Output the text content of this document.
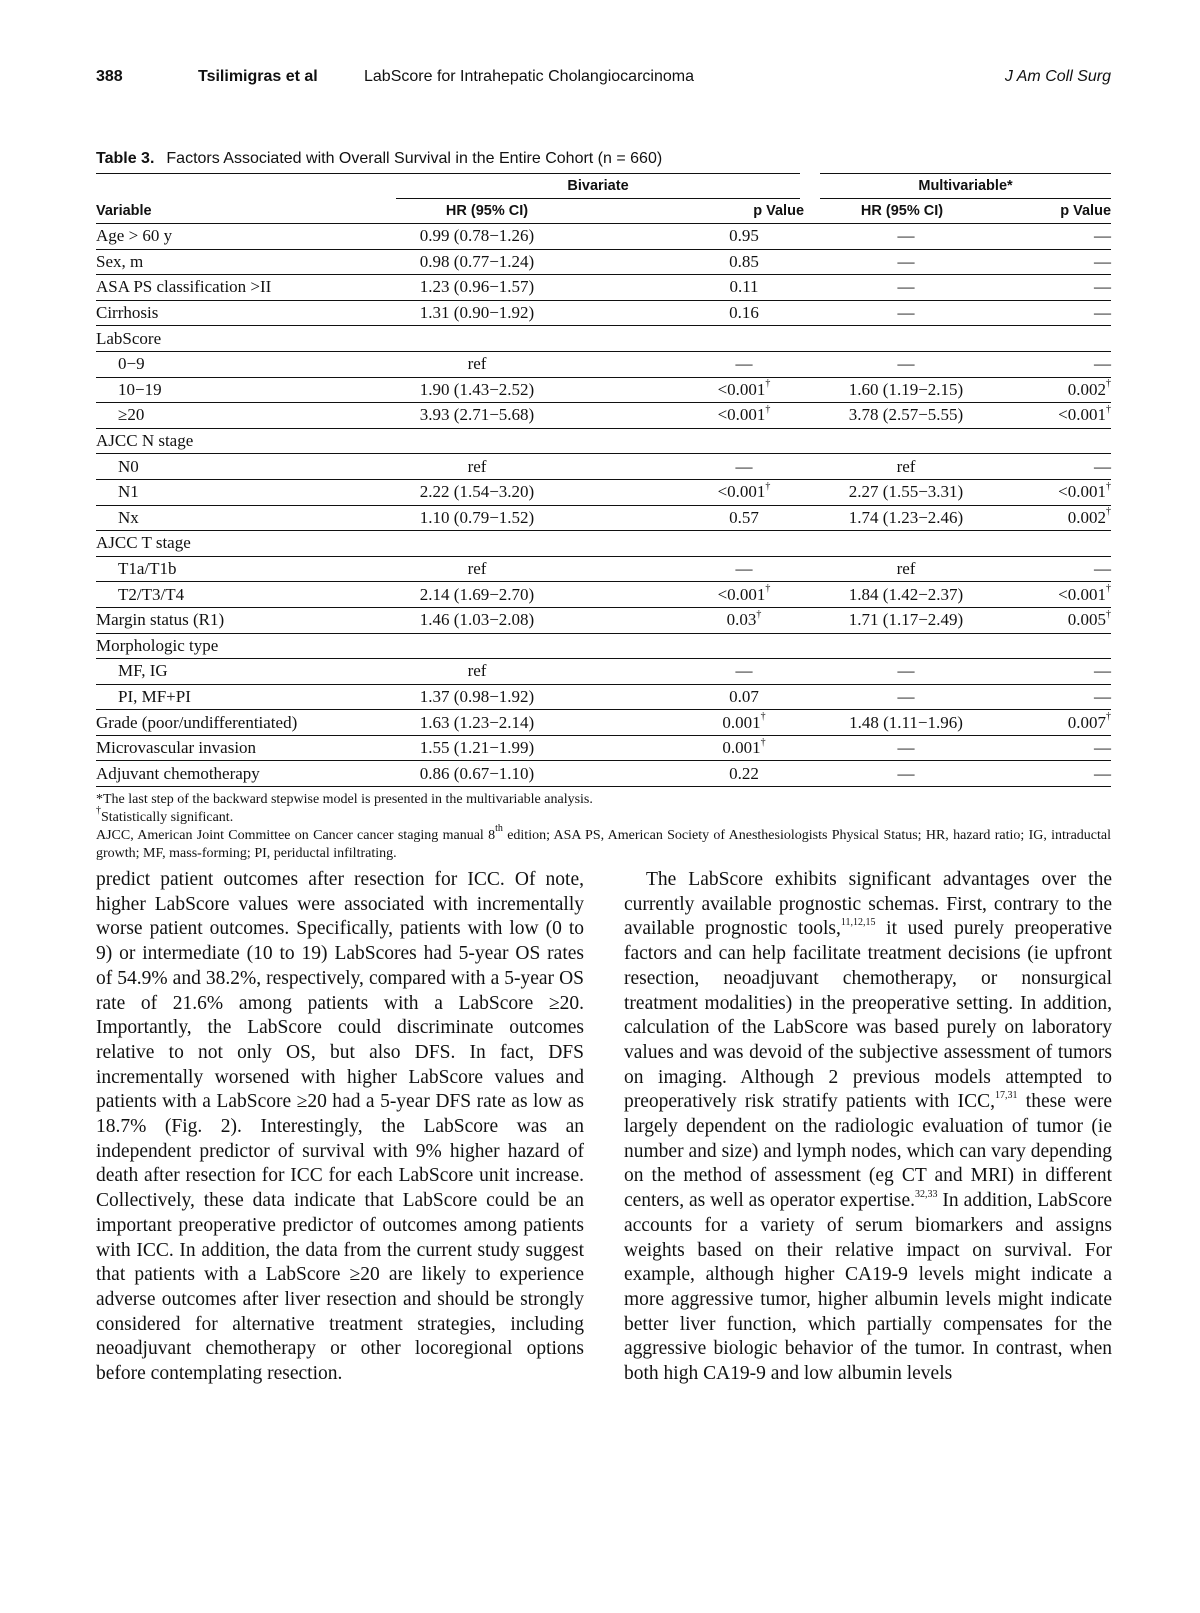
388	Tsilimigras et al	LabScore for Intrahepatic Cholangiocarcinoma	J Am Coll Surg
Table 3. Factors Associated with Overall Survival in the Entire Cohort (n = 660)
	Bivariate		Multivariable*	
Variable	HR (95% CI)	p Value	HR (95% CI)	p Value
Age > 60 y	0.99 (0.78−1.26)	0.95	—	—
Sex, m	0.98 (0.77−1.24)	0.85	—	—
ASA PS classification >II	1.23 (0.96−1.57)	0.11	—	—
Cirrhosis	1.31 (0.90−1.92)	0.16	—	—
LabScore				
0−9	ref	—	—	—
10−19	1.90 (1.43−2.52)	<0.001†	1.60 (1.19−2.15)	0.002†
≥20	3.93 (2.71−5.68)	<0.001†	3.78 (2.57−5.55)	<0.001†
AJCC N stage				
N0	ref	—	ref	—
N1	2.22 (1.54−3.20)	<0.001†	2.27 (1.55−3.31)	<0.001†
Nx	1.10 (0.79−1.52)	0.57	1.74 (1.23−2.46)	0.002†
AJCC T stage				
T1a/T1b	ref	—	ref	—
T2/T3/T4	2.14 (1.69−2.70)	<0.001†	1.84 (1.42−2.37)	<0.001†
Margin status (R1)	1.46 (1.03−2.08)	0.03†	1.71 (1.17−2.49)	0.005†
Morphologic type				
MF, IG	ref	—	—	—
PI, MF+PI	1.37 (0.98−1.92)	0.07	—	—
Grade (poor/undifferentiated)	1.63 (1.23−2.14)	0.001†	1.48 (1.11−1.96)	0.007†
Microvascular invasion	1.55 (1.21−1.99)	0.001†	—	—
Adjuvant chemotherapy	0.86 (0.67−1.10)	0.22	—	—

*The last step of the backward stepwise model is presented in the multivariable analysis.

†Statistically significant.

AJCC, American Joint Committee on Cancer cancer staging manual 8th edition; ASA PS, American Society of Anesthesiologists Physical Status; HR, hazard ratio; IG, intraductal growth; MF, mass-forming; PI, periductal infiltrating.

predict patient outcomes after resection for ICC. Of note, higher LabScore values were associated with incrementally worse patient outcomes. Specifically, patients with low (0 to 9) or intermediate (10 to 19) LabScores had 5-year OS rates of 54.9% and 38.2%, respectively, compared with a 5-year OS rate of 21.6% among patients with a LabScore ≥20. Importantly, the LabScore could discriminate outcomes relative to not only OS, but also DFS. In fact, DFS incrementally worsened with higher LabScore values and patients with a LabScore ≥20 had a 5-year DFS rate as low as 18.7% (Fig. 2). Interestingly, the LabScore was an independent predictor of survival with 9% higher hazard of death after resection for ICC for each LabScore unit increase. Collectively, these data indicate that LabScore could be an important preoperative predictor of outcomes among patients with ICC. In addition, the data from the current study suggest that patients with a LabScore ≥20 are likely to experience adverse outcomes after liver resection and should be strongly considered for alternative treatment strategies, including neoadjuvant chemotherapy or other locoregional options before contemplating resection.

The LabScore exhibits significant advantages over the currently available prognostic schemas. First, contrary to the available prognostic tools,$^{11,12,15}$ it used purely preoperative factors and can help facilitate treatment decisions (ie upfront resection, neoadjuvant chemotherapy, or nonsurgical treatment modalities) in the preoperative setting. In addition, calculation of the LabScore was based purely on laboratory values and was devoid of the subjective assessment of tumors on imaging. Although 2 previous models attempted to preoperatively risk stratify patients with ICC,$^{17,31}$ these were largely dependent on the radiologic evaluation of tumor (ie number and size) and lymph nodes, which can vary depending on the method of assessment (eg CT and MRI) in different centers, as well as operator expertise.$^{32,33}$ In addition, LabScore accounts for a variety of serum biomarkers and assigns weights based on their relative impact on survival. For example, although higher CA19-9 levels might indicate a more aggressive tumor, higher albumin levels might indicate better liver function, which partially compensates for the aggressive biologic behavior of the tumor. In contrast, when both high CA19-9 and low albumin levels
